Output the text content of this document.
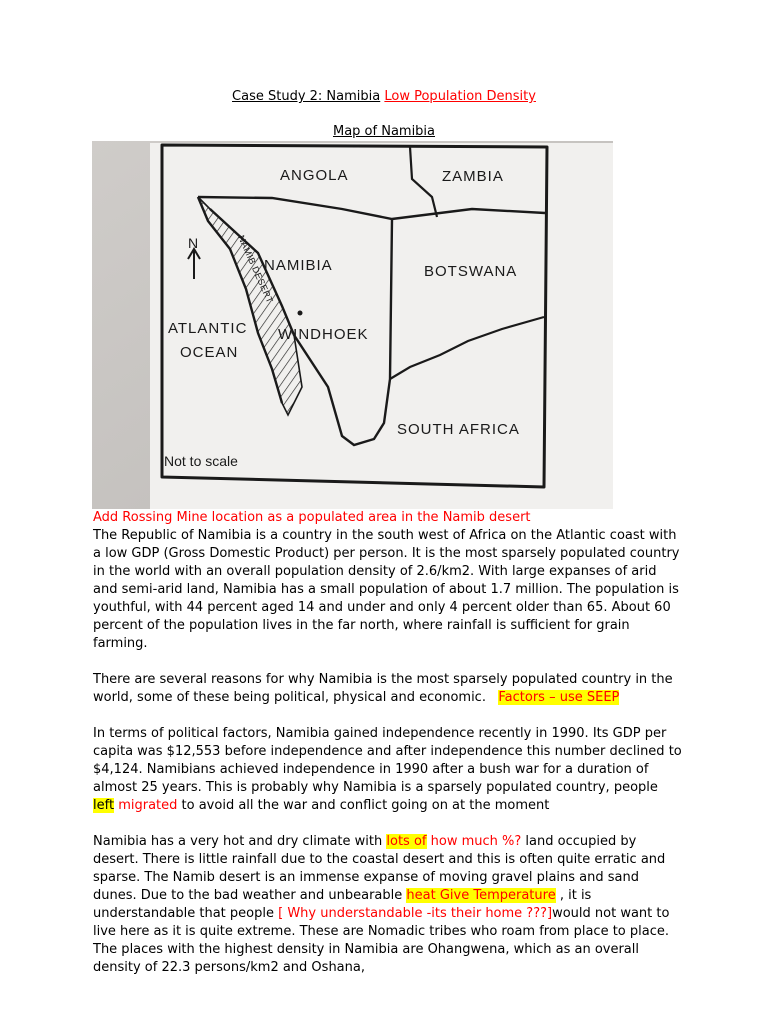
Case Study 2: Namibia Low Population Density
Map of Namibia
ANGOLA	ZAMBIA
NAMIBIA	BOTSWANA
N
ATLANTIC
OCEAN
WINDHOEK
NAMIB DESERT
SOUTH AFRICA
Not to scale

Add Rossing Mine location as a populated area in the Namib desert

The Republic of Namibia is a country in the south west of Africa on the Atlantic coast with a low GDP (Gross Domestic Product) per person. It is the most sparsely populated country in the world with an overall population density of 2.6/km2. With large expanses of arid and semi-arid land, Namibia has a small population of about 1.7 million. The population is youthful, with 44 percent aged 14 and under and only 4 percent older than 65. About 60 percent of the population lives in the far north, where rainfall is sufficient for grain farming.

There are several reasons for why Namibia is the most sparsely populated country in the world, some of these being political, physical and economic. Factors – use SEEP

In terms of political factors, Namibia gained independence recently in 1990. Its GDP per capita was $12,553 before independence and after independence this number declined to $4,124. Namibians achieved independence in 1990 after a bush war for a duration of almost 25 years. This is probably why Namibia is a sparsely populated country, people left migrated to avoid all the war and conflict going on at the moment

Namibia has a very hot and dry climate with lots of how much %? land occupied by desert. There is little rainfall due to the coastal desert and this is often quite erratic and sparse. The Namib desert is an immense expanse of moving gravel plains and sand dunes. Due to the bad weather and unbearable heat Give Temperature , it is understandable that people [ Why understandable -its their home ???]would not want to live here as it is quite extreme. These are Nomadic tribes who roam from place to place. The places with the highest density in Namibia are Ohangwena, which as an overall density of 22.3 persons/km2 and Oshana,
